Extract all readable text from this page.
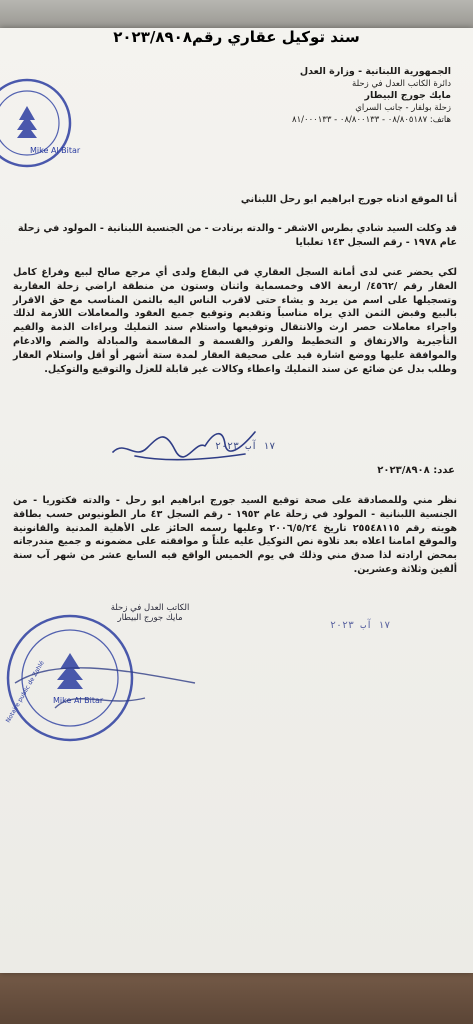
Mike Al Bitar
الجمهورية اللبنانية - وزارة العدل
دائرة الكاتب العدل في زحلة
مايك جورج البيطار
زحلة بولفار - جانب السراي
هاتف: ٠٨/٨٠٥١٨٧ - ٠٨/٨٠٠١٣٣ - ٨١/٠٠٠١٣٣
سند توكيل عقاري رقم٢٠٢٣/٨٩٠٨
أنا الموقع ادناه جورج ابراهيم ابو رحل اللبناني
قد وكلت السيد شادي بطرس الاشقر - والدته برنادت - من الجنسية اللبنانية - المولود في زحلة عام ١٩٧٨ - رقم السجل ١٤٣ تعلبايا
لكي يحضر عني لدى أمانة السجل العقاري في البقاع ولدى أي مرجع صالح لبيع وفراغ كامل العقار رقم /٤٥٦٢/ اربعة الاف وخمسماية واثنان وستون من منطقة اراضي زحلة العقارية وتسجيلها على اسم من يريد و يشاء حتى لاقرب الناس اليه بالثمن المناسب مع حق الاقرار بالبيع وقبض الثمن الذي يراه مناسباً وتقديم وتوقيع جميع العقود والمعاملات اللازمة لذلك واجراء معاملات حصر ارث والانتقال وتوقيعها واستلام سند التمليك وبراءات الذمة والقيم التأجيرية والارتفاق و التخطيط والفرز والقسمة و المقاسمة والمبادلة والضم والادغام والموافقة عليها ووضع اشارة قيد على صحيفة العقار لمدة ستة أشهر أو أقل واستلام العقار وطلب بدل عن ضائع عن سند التمليك واعطاء وكالات غير قابلة للعزل والتوقيع والتوكيل.
١٧ آب ٢٠٢٣
عدد: ٢٠٢٣/٨٩٠٨
نظر مني وللمصادقة على صحة توقيع السيد جورج ابراهيم ابو رحل - والدته فكتوريا - من الجنسية اللبنانية - المولود في زحلة عام ١٩٥٣ - رقم السجل ٤٣ مار الطونيوس حسب بطاقة هويته رقم ٢٥٥٤٨١١٥ تاريخ ٢٠٠٦/٥/٢٤ وعليها رسمه الحائز على الأهلية المدنية والقانونية والموقع امامنا اعلاه بعد تلاوة نص التوكيل عليه علناً و موافقته على مضمونه و جميع مندرجاته بمحض ارادته لذا صدق مني وذلك في يوم الخميس الواقع فيه السابع عشر من شهر آب سنة ألفين وثلاثة وعشرين.
الكاتب العدل في زحلة
مايك جورج البيطار
Mike Al Bitar
Notaire public de Zahlé
١٧ آب ٢٠٢٣
